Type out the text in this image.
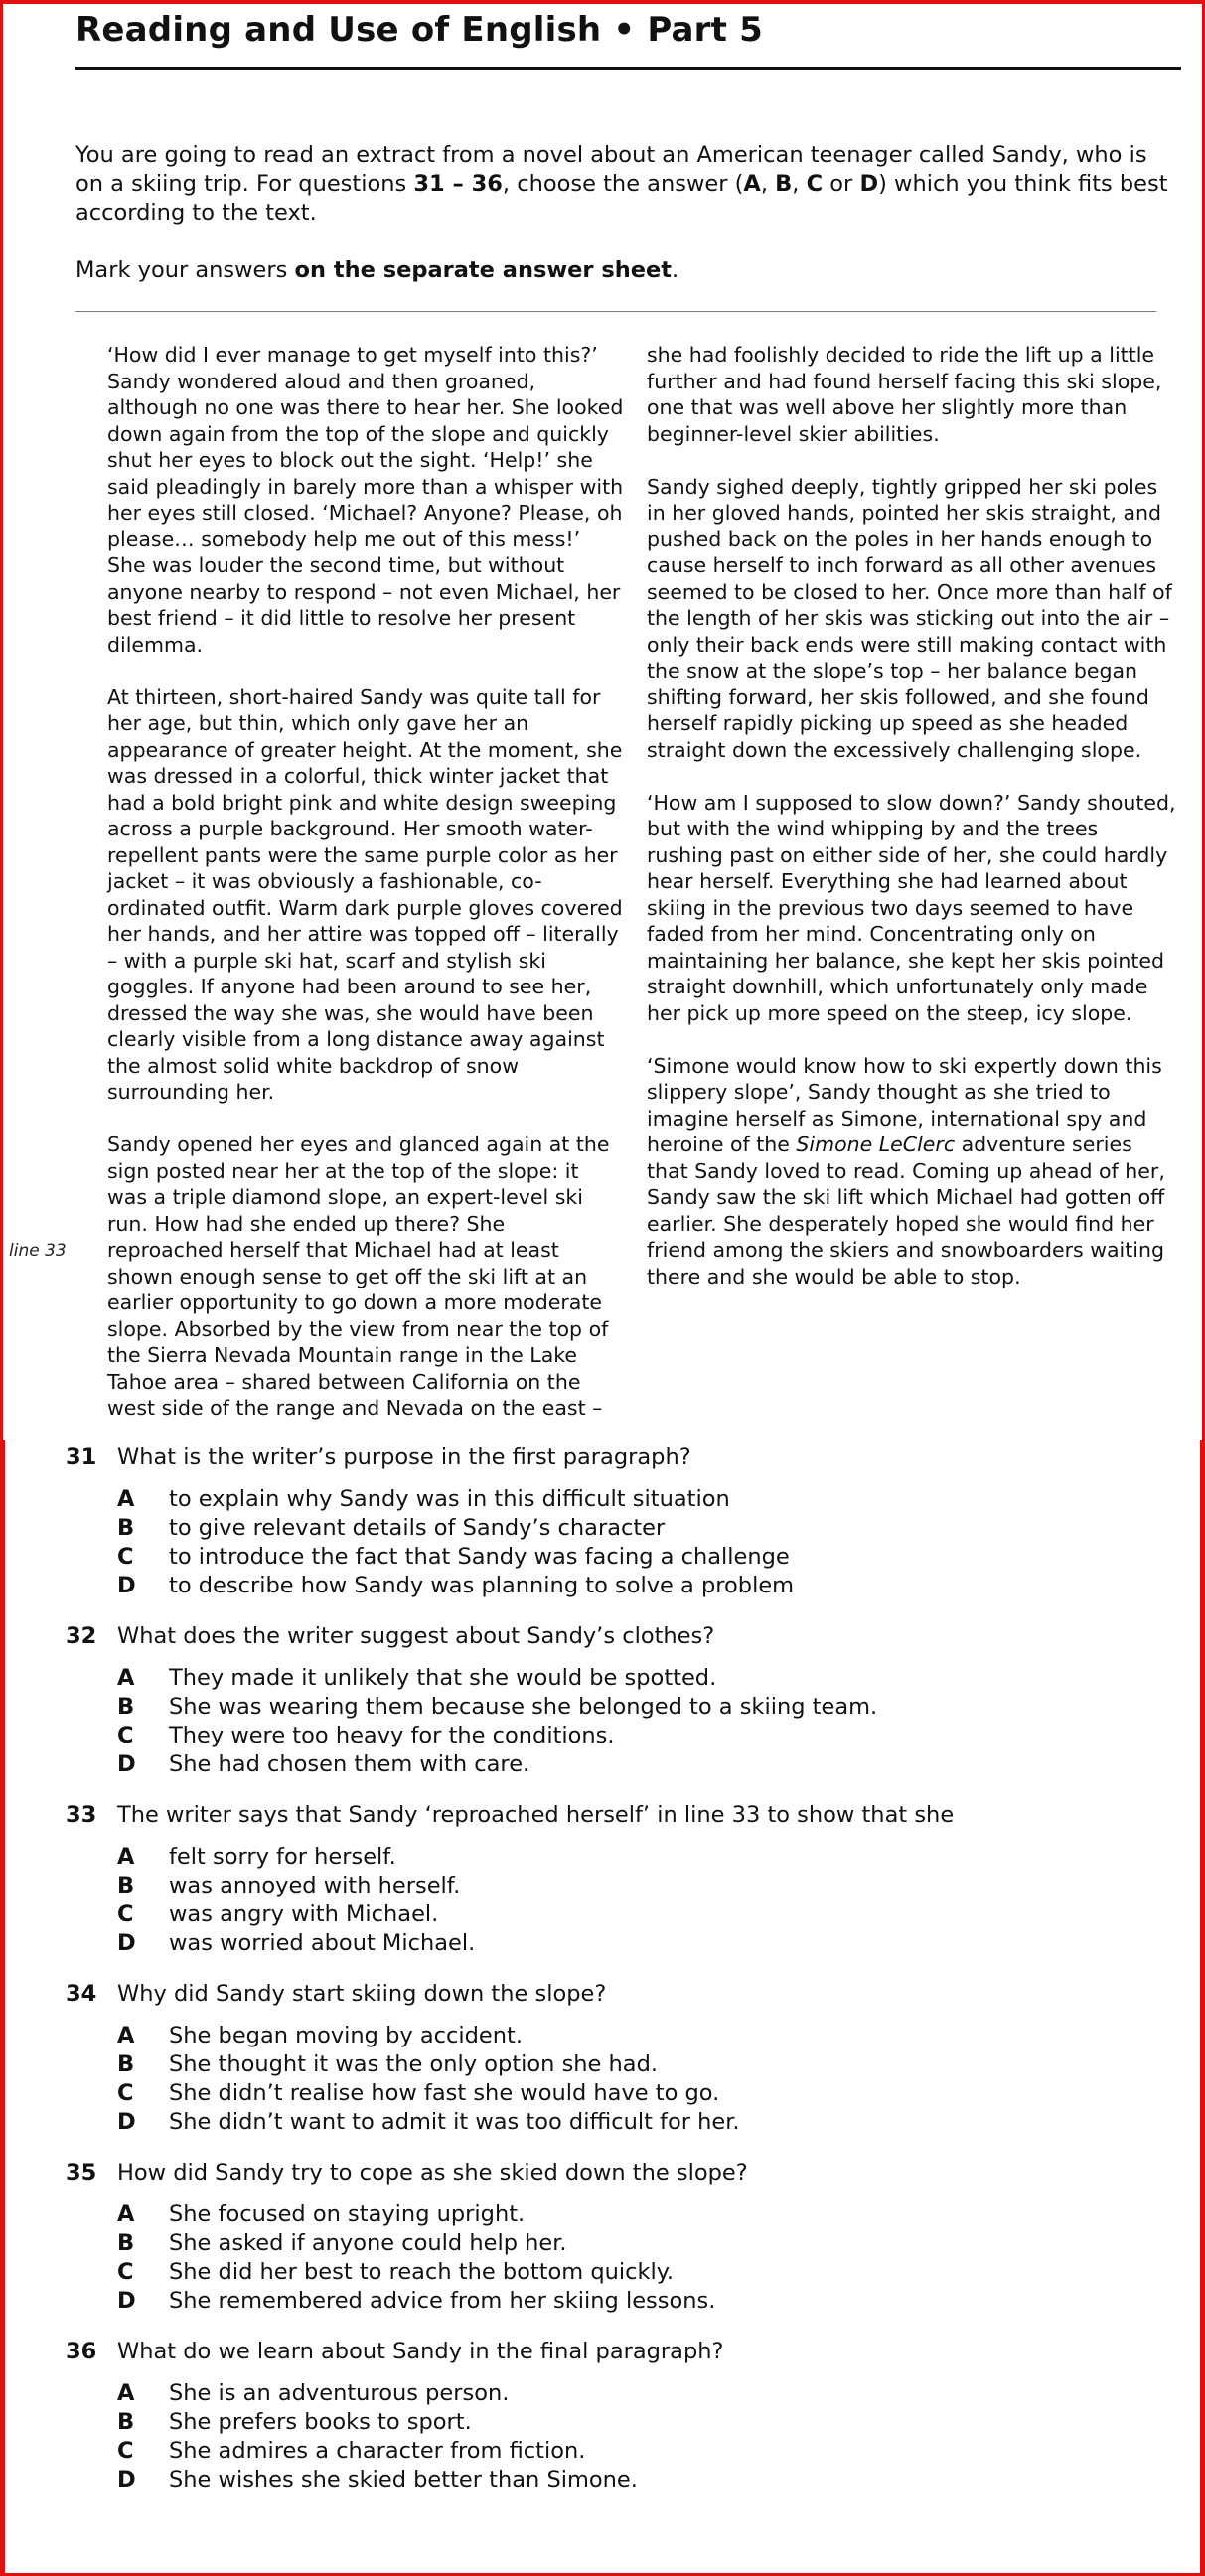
Reading and Use of English • Part 5

You are going to read an extract from a novel about an American teenager called Sandy, who is on a skiing trip. For questions 31 – 36, choose the answer (A, B, C or D) which you think fits best according to the text.

Mark your answers on the separate answer sheet.

‘How did I ever manage to get myself into this?’ Sandy wondered aloud and then groaned, although no one was there to hear her. She looked down again from the top of the slope and quickly shut her eyes to block out the sight. ‘Help!’ she said pleadingly in barely more than a whisper with her eyes still closed. ‘Michael? Anyone? Please, oh please… somebody help me out of this mess!’ She was louder the second time, but without anyone nearby to respond – not even Michael, her best friend – it did little to resolve her present dilemma.

At thirteen, short-haired Sandy was quite tall for her age, but thin, which only gave her an appearance of greater height. At the moment, she was dressed in a colorful, thick winter jacket that had a bold bright pink and white design sweeping across a purple background. Her smooth water-repellent pants were the same purple color as her jacket – it was obviously a fashionable, co-ordinated outfit. Warm dark purple gloves covered her hands, and her attire was topped off – literally – with a purple ski hat, scarf and stylish ski goggles. If anyone had been around to see her, dressed the way she was, she would have been clearly visible from a long distance away against the almost solid white backdrop of snow surrounding her.

Sandy opened her eyes and glanced again at the sign posted near her at the top of the slope: it was a triple diamond slope, an expert-level ski run. How had she ended up there? She reproached herself that Michael had at least shown enough sense to get off the ski lift at an earlier opportunity to go down a more moderate slope. Absorbed by the view from near the top of the Sierra Nevada Mountain range in the Lake Tahoe area – shared between California on the west side of the range and Nevada on the east –

line 33

she had foolishly decided to ride the lift up a little further and had found herself facing this ski slope, one that was well above her slightly more than beginner-level skier abilities.

Sandy sighed deeply, tightly gripped her ski poles in her gloved hands, pointed her skis straight, and pushed back on the poles in her hands enough to cause herself to inch forward as all other avenues seemed to be closed to her. Once more than half of the length of her skis was sticking out into the air – only their back ends were still making contact with the snow at the slope’s top – her balance began shifting forward, her skis followed, and she found herself rapidly picking up speed as she headed straight down the excessively challenging slope.

‘How am I supposed to slow down?’ Sandy shouted, but with the wind whipping by and the trees rushing past on either side of her, she could hardly hear herself. Everything she had learned about skiing in the previous two days seemed to have faded from her mind. Concentrating only on maintaining her balance, she kept her skis pointed straight downhill, which unfortunately only made her pick up more speed on the steep, icy slope.

‘Simone would know how to ski expertly down this slippery slope’, Sandy thought as she tried to imagine herself as Simone, international spy and heroine of the Simone LeClerc adventure series that Sandy loved to read. Coming up ahead of her, Sandy saw the ski lift which Michael had gotten off earlier. She desperately hoped she would find her friend among the skiers and snowboarders waiting there and she would be able to stop.

31 What is the writer’s purpose in the first paragraph?
A	to explain why Sandy was in this difficult situation
B	to give relevant details of Sandy’s character
C	to introduce the fact that Sandy was facing a challenge
D	to describe how Sandy was planning to solve a problem
32 What does the writer suggest about Sandy’s clothes?
A	They made it unlikely that she would be spotted.
B	She was wearing them because she belonged to a skiing team.
C	They were too heavy for the conditions.
D	She had chosen them with care.
33 The writer says that Sandy ‘reproached herself’ in line 33 to show that she
A	felt sorry for herself.
B	was annoyed with herself.
C	was angry with Michael.
D	was worried about Michael.
34 Why did Sandy start skiing down the slope?
A	She began moving by accident.
B	She thought it was the only option she had.
C	She didn’t realise how fast she would have to go.
D	She didn’t want to admit it was too difficult for her.
35 How did Sandy try to cope as she skied down the slope?
A	She focused on staying upright.
B	She asked if anyone could help her.
C	She did her best to reach the bottom quickly.
D	She remembered advice from her skiing lessons.
36 What do we learn about Sandy in the final paragraph?
A	She is an adventurous person.
B	She prefers books to sport.
C	She admires a character from fiction.
D	She wishes she skied better than Simone.
